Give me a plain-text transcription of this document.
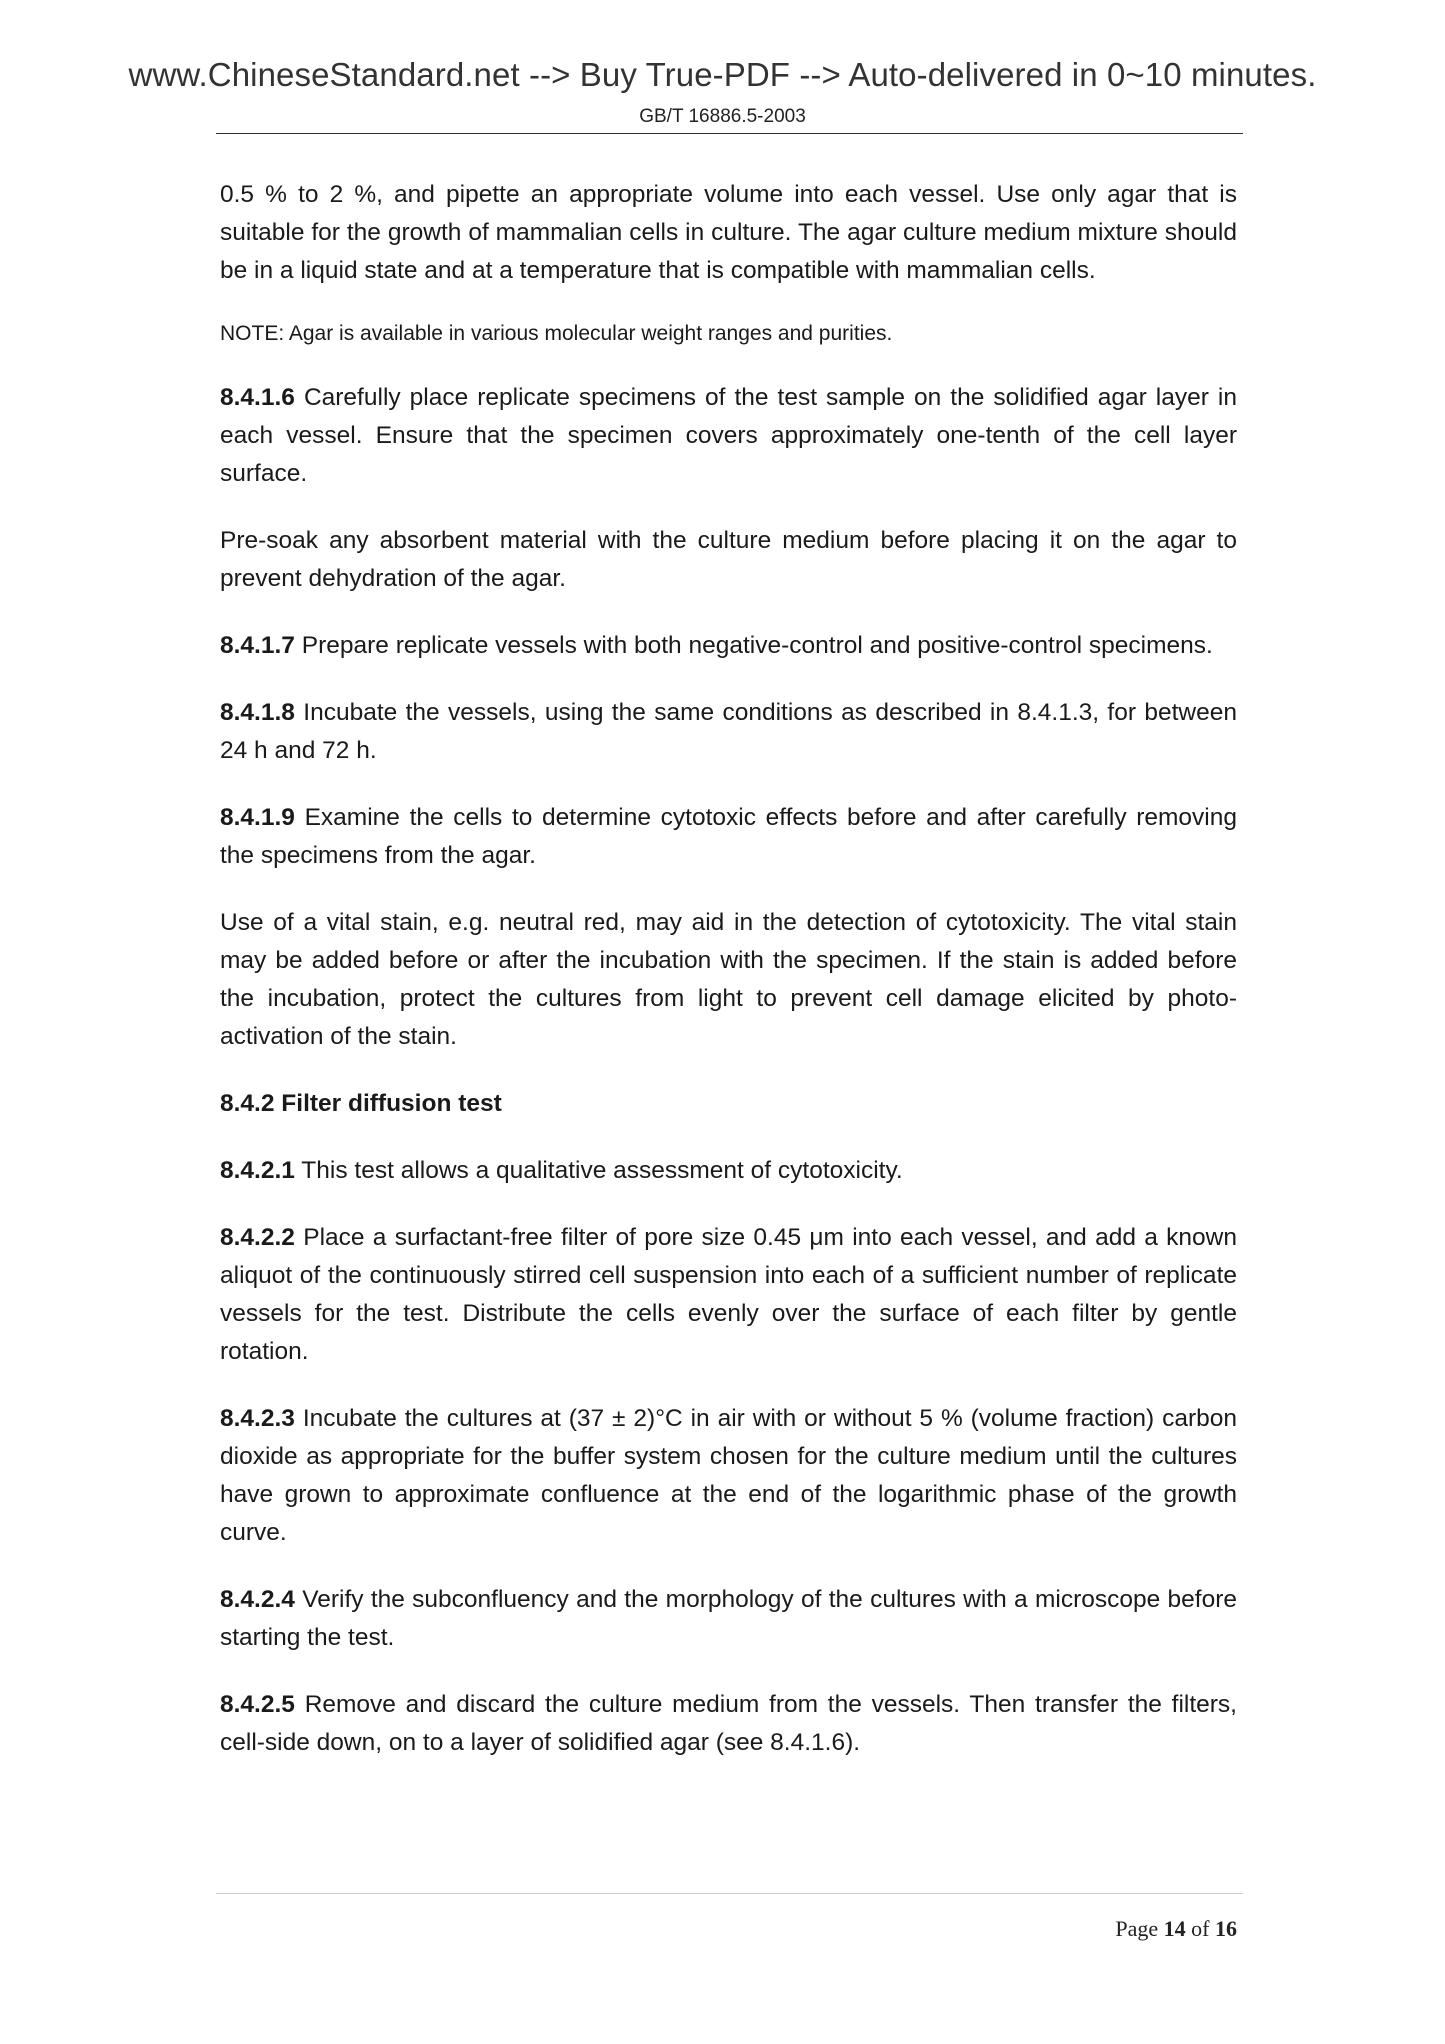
www.ChineseStandard.net --> Buy True-PDF --> Auto-delivered in 0~10 minutes.
GB/T 16886.5-2003

0.5 % to 2 %, and pipette an appropriate volume into each vessel. Use only agar that is suitable for the growth of mammalian cells in culture. The agar culture medium mixture should be in a liquid state and at a temperature that is compatible with mammalian cells.

NOTE: Agar is available in various molecular weight ranges and purities.

8.4.1.6 Carefully place replicate specimens of the test sample on the solidified agar layer in each vessel. Ensure that the specimen covers approximately one-tenth of the cell layer surface.

Pre-soak any absorbent material with the culture medium before placing it on the agar to prevent dehydration of the agar.

8.4.1.7 Prepare replicate vessels with both negative-control and positive-control specimens.

8.4.1.8 Incubate the vessels, using the same conditions as described in 8.4.1.3, for between 24 h and 72 h.

8.4.1.9 Examine the cells to determine cytotoxic effects before and after carefully removing the specimens from the agar.

Use of a vital stain, e.g. neutral red, may aid in the detection of cytotoxicity. The vital stain may be added before or after the incubation with the specimen. If the stain is added before the incubation, protect the cultures from light to prevent cell damage elicited by photo-activation of the stain.

8.4.2 Filter diffusion test

8.4.2.1 This test allows a qualitative assessment of cytotoxicity.

8.4.2.2 Place a surfactant-free filter of pore size 0.45 μm into each vessel, and add a known aliquot of the continuously stirred cell suspension into each of a sufficient number of replicate vessels for the test. Distribute the cells evenly over the surface of each filter by gentle rotation.

8.4.2.3 Incubate the cultures at (37 ± 2)°C in air with or without 5 % (volume fraction) carbon dioxide as appropriate for the buffer system chosen for the culture medium until the cultures have grown to approximate confluence at the end of the logarithmic phase of the growth curve.

8.4.2.4 Verify the subconfluency and the morphology of the cultures with a microscope before starting the test.

8.4.2.5 Remove and discard the culture medium from the vessels. Then transfer the filters, cell-side down, on to a layer of solidified agar (see 8.4.1.6).

Page 14 of 16
